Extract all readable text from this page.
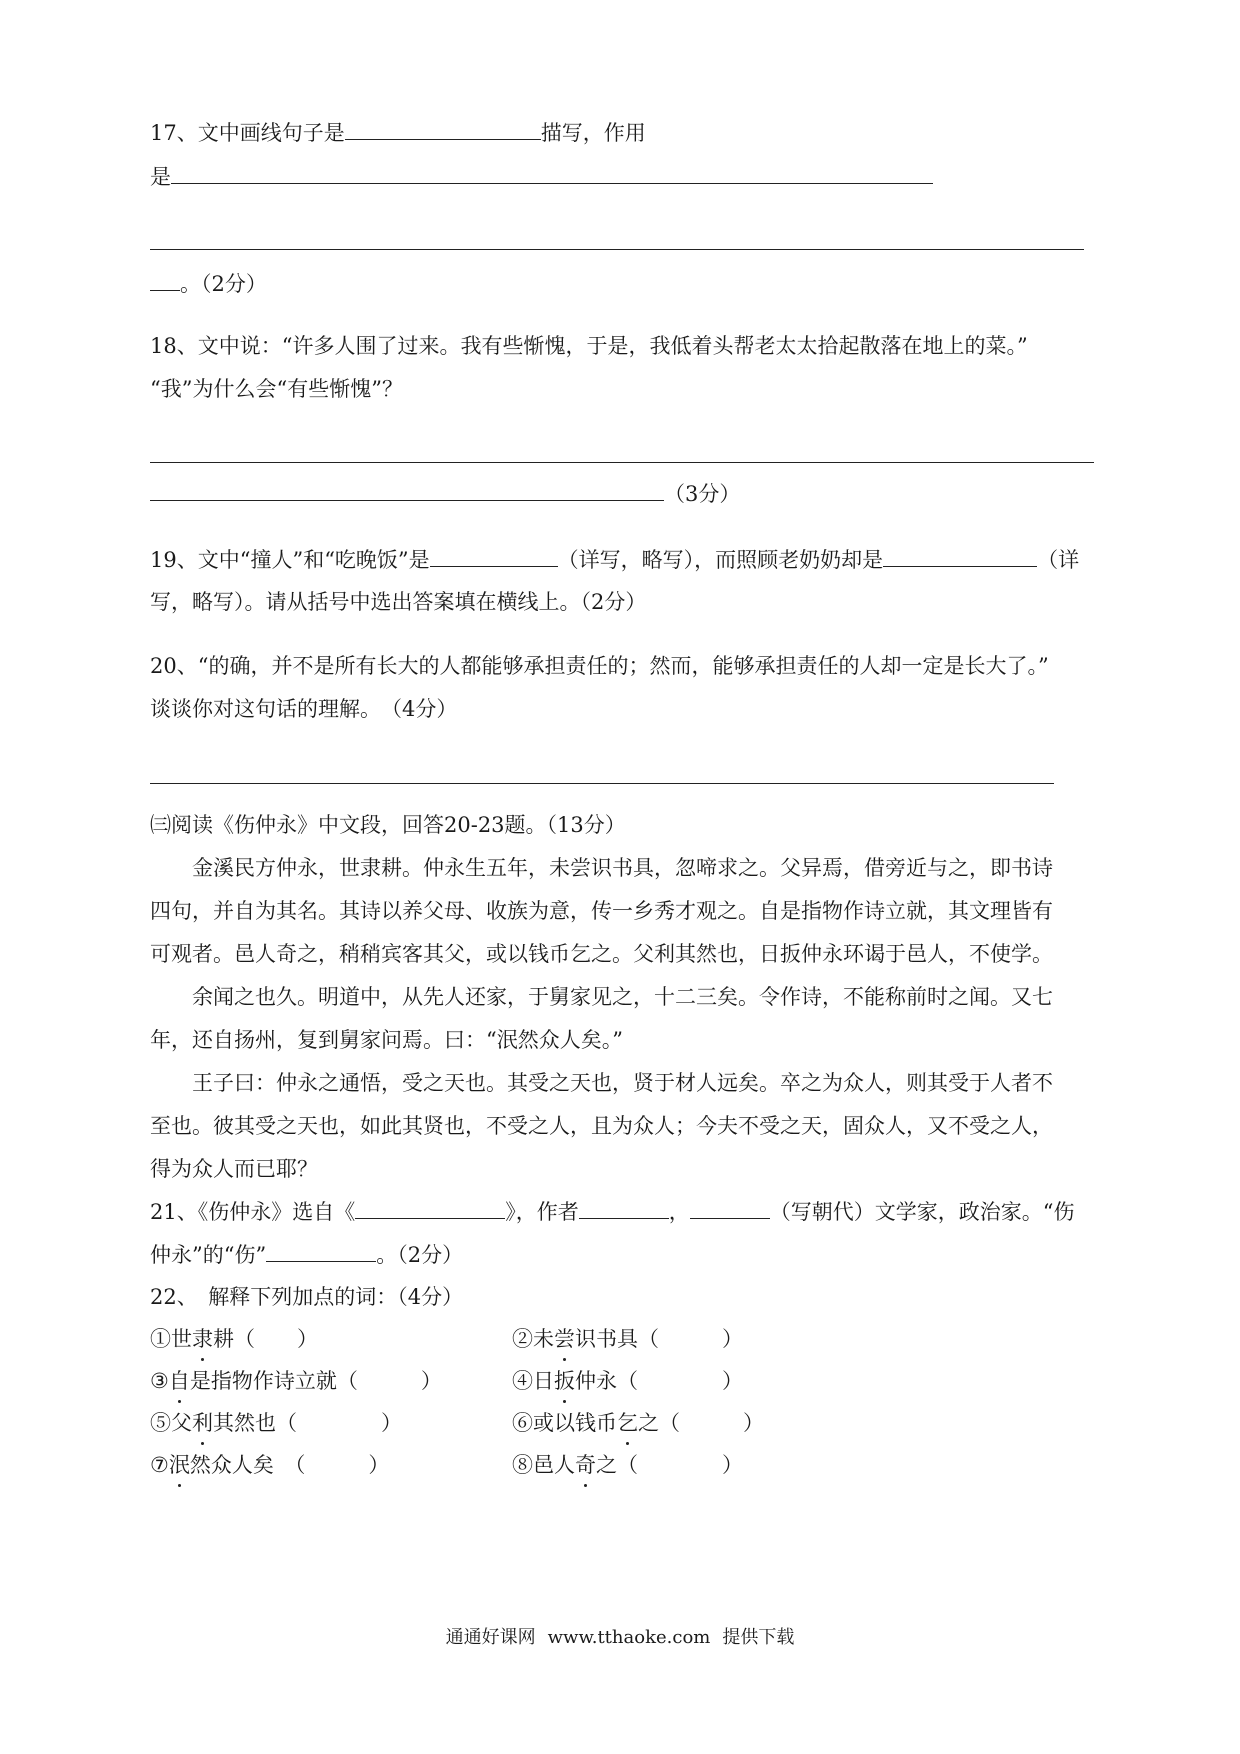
17、文中画线句子是	描写，作用
是
。（2分）
18、文中说：“许多人围了过来。我有些惭愧，于是，我低着头帮老太太拾起散落在地上的菜。”
“我”为什么会“有些惭愧”？
（3分）
19、文中“撞人”和“吃晚饭”是	（详写，略写），而照顾老奶奶却是	（详
写，略写）。请从括号中选出答案填在横线上。（2分）
20、“的确，并不是所有长大的人都能够承担责任的；然而，能够承担责任的人却一定是长大了。”
谈谈你对这句话的理解。　（4分）
㈢阅读《伤仲永》中文段，回答20-23题。（13分）
金溪民方仲永，世隶耕。仲永生五年，未尝识书具，忽啼求之。父异焉，借旁近与之，即书诗
四句，并自为其名。其诗以养父母、收族为意，传一乡秀才观之。自是指物作诗立就，其文理皆有
可观者。邑人奇之，稍稍宾客其父，或以钱币乞之。父利其然也，日扳仲永环谒于邑人，不使学。
余闻之也久。明道中，从先人还家，于舅家见之，十二三矣。令作诗，不能称前时之闻。又七
年，还自扬州，复到舅家问焉。曰：“泯然众人矣。”
王子曰：仲永之通悟，受之天也。其受之天也，贤于材人远矣。卒之为众人，则其受于人者不
至也。彼其受之天也，如此其贤也，不受之人，且为众人；今夫不受之天，固众人，又不受之人，
得为众人而已耶？
21、《伤仲永》选自《	》，作者	，	（写朝代）文学家，政治家。“伤
仲永”的“伤”	。（2分）
22、　解释下列加点的词：（4分）
①世隶耕（　　）	②未尝识书具（　　　）
③自是指物作诗立就（　　　）	④日扳仲永（　　　　）
⑤父利其然也（　　　　）	⑥或以钱币乞之（　　　）
⑦泯然众人矣　（　　　）	⑧邑人奇之（　　　　）
通通好课网 www.tthaoke.com 提供下载
